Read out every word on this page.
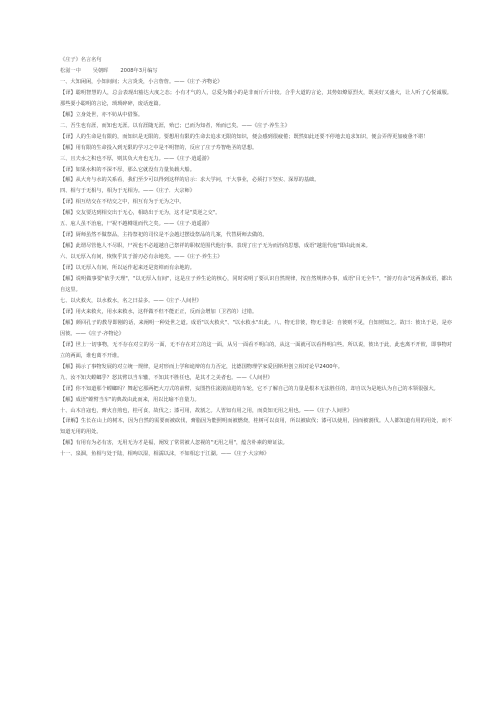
《庄子》名言名句

松滋一中 吴朝晖 2008年3月编写

一、大知闲闲，小知间间；大言炎炎，小言詹詹。——《庄子·齐物论》

【译】聪明智慧的人，总会表现出豁达大度之态；小有才气的人，总爱为微小的是非而斤斤计较。合乎大道的言论，其势如燎原烈火，既美好又盛大，让人听了心悦诚服。那些耍小聪明的言论，琐琐碎碎，废话连篇。

【解】立身处世，亦不妨从中借鉴。

二、吾生也有涯，而知也无涯。以有涯随无涯，殆已；已而为知者，殆而已矣。——《庄子·养生主》

【译】人的生命是有限的，而知识是无限的。要想用有限的生命去追求无限的知识，便会感到很疲倦；既然如此还要不停地去追求知识，便会弄得更加疲惫不堪！

【解】用有限的生命投入到无限的学习之中是不明智的，反应了庄子寿智绝圣的思想。

三、且夫水之积也不厚，则其负大舟也无力。——《庄子·逍遥游》

【译】如果水积的不深不厚，那么它就没有力量负载大船。

【解】从大舟与水的关系看，我们至少可以得到这样的启示：求大学问，干大事业，必须打下坚实、深厚的基础。

四、相与于无相与，相为于无相为。——《庄子．大宗师》

【译】相互结交在不结交之中，相互有为于无为之中。

【解】交友要达到相交出于无心，相助出于无为，这才是"莫逆之交"。

五、庖人虽不治庖，尸祝不越樽俎而代之矣。——《庄子·逍遥游》

【译】厨师虽然不做祭品，主持祭祀的司仪是不会越过摆设祭品的几案，代替厨师去做的。

【解】此谓尽管他人不尽职，尸祝也不必超越自己祭祥的职权范围代他行事。表现了庄子无为而治的思想，成语"越俎代庖"即由此而来。

六、以无厚入有间，恢恢乎其于游刃必有余地矣。——《庄子·养生主》

【译】以无厚入有间，所以运作起来还是宽绰而有余地的。

【解】说明做事要"依乎天理"，"以无厚入有间"，这是庄子养生论的核心，同时说明了要认识自然规律，按自然规律办事，成语"目无全牛"，"游刃有余"这两条成语，都出自这里。

七、以火救火，以水救水，名之曰益多。——《庄子·人间世》

【译】用火来救火，用水来救水，这样做不但不能正正，反而会增加（卫君的）过错。

【解】颜回孔子的教导即刚的话，来阐明一种处世之道。成语"以火救火"、"以水救水"出此。八、物无非彼，物无非是：自彼则不见，自知则知之。故曰：彼出于是，是亦因彼。——《庄子·齐物论》

【译】世上一切事物，无不存在对立的另一面，无不存在对立的这一面，从另一面看不明白的，从这一面就可以看得明白些。所以说，彼出于此，此也离不开彼，即事物对立的两面，谁也离不开谁。

【解】揭示了事物发展的对立统一规律，是对形而上学和诡辩的有力否定，比德国物理学家爱因斯坦创立相对论早2400年。

九、汝不知夫螳螂乎？怒其臂以当车辙，不知其不胜任也，是其才之美者也。——《人间世》

【译】你不知道那个螳螂吗？舞起它那两把大刀式的前臂，妄图挡住滚滚前进的车轮，它不了解自己的力量是根本无法胜任的，却自以为是地认为自己的本领很强大。

【解】成语"螳臂当车"的典故由此而来，用以比喻不自量力。

十、山木自寇也，膏火自煎也，桂可食，故伐之；漆可用，故割之。人皆知有用之用，而莫知无用之用也。——《庄子·人间世》

【译解】生长在山上的树木，因为自然的需要而被砍伐，膏脂因为能照明而被燃烧，桂树可以食用，所以被砍伐；漆可以使用，因而被割伐。人人都知道有用的用处，而不知道无用的用处。

【解】有用有为必有害，无用无为才是福，阐发了常常被人忽视的"无用之用"，蕴含朴素的辩证法。

十一、泉涸，鱼相与处于陆，相呴以湿，相濡以沫，不如相忘于江湖。——《庄子·大宗师》
